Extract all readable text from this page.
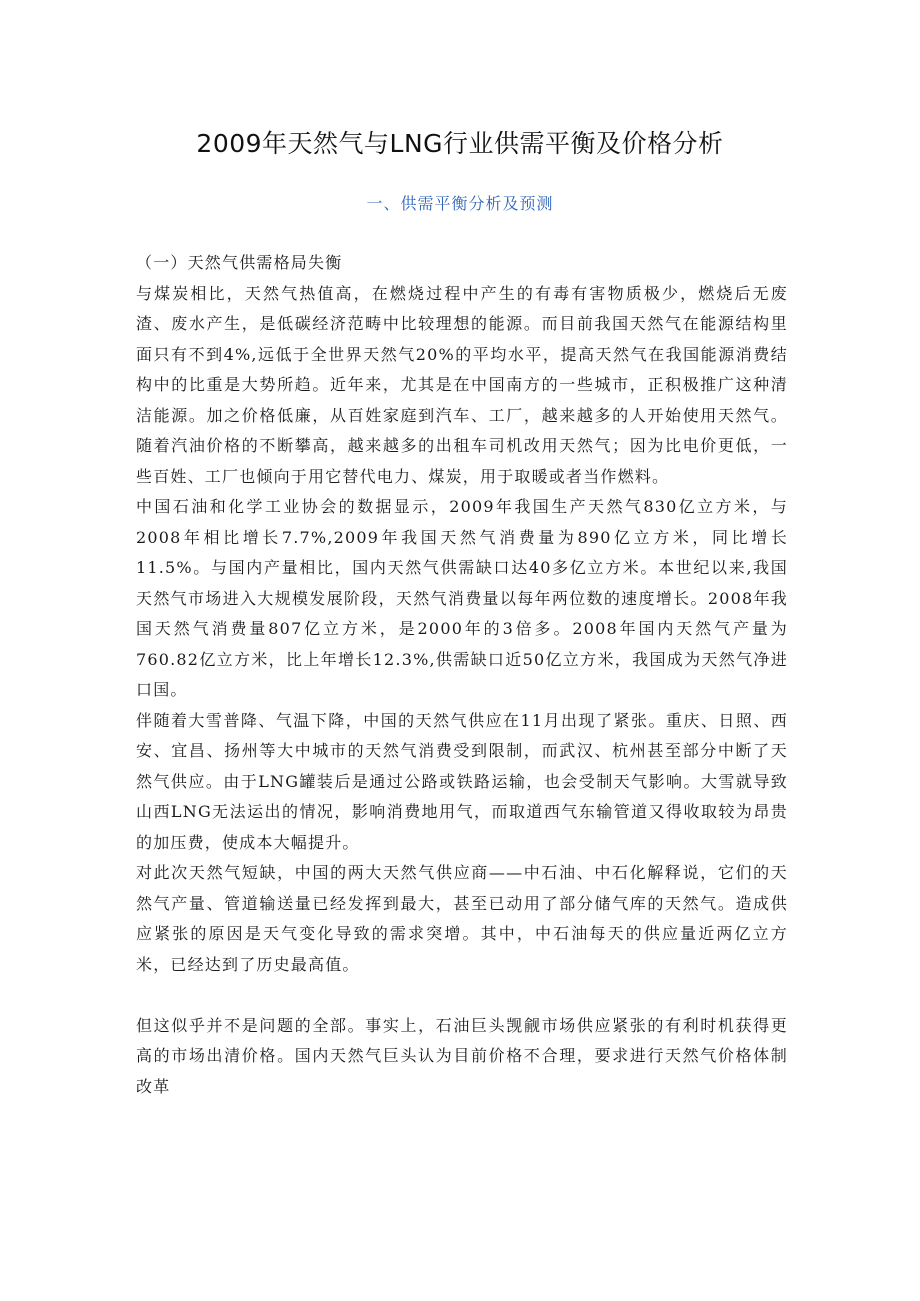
2009年天然气与LNG行业供需平衡及价格分析
一、供需平衡分析及预测
（一）天然气供需格局失衡

与煤炭相比，天然气热值高，在燃烧过程中产生的有毒有害物质极少，燃烧后无废渣、废水产生，是低碳经济范畴中比较理想的能源。而目前我国天然气在能源结构里面只有不到4%,远低于全世界天然气20%的平均水平，提高天然气在我国能源消费结构中的比重是大势所趋。近年来，尤其是在中国南方的一些城市，正积极推广这种清洁能源。加之价格低廉，从百姓家庭到汽车、工厂，越来越多的人开始使用天然气。随着汽油价格的不断攀高，越来越多的出租车司机改用天然气；因为比电价更低，一些百姓、工厂也倾向于用它替代电力、煤炭，用于取暖或者当作燃料。

中国石油和化学工业协会的数据显示，2009年我国生产天然气830亿立方米，与2008年相比增长7.7%,2009年我国天然气消费量为890亿立方米，同比增长11.5%。与国内产量相比，国内天然气供需缺口达40多亿立方米。本世纪以来,我国天然气市场进入大规模发展阶段，天然气消费量以每年两位数的速度增长。2008年我国天然气消费量807亿立方米，是2000年的3倍多。2008年国内天然气产量为760.82亿立方米，比上年增长12.3%,供需缺口近50亿立方米，我国成为天然气净进口国。

伴随着大雪普降、气温下降，中国的天然气供应在11月出现了紧张。重庆、日照、西安、宜昌、扬州等大中城市的天然气消费受到限制，而武汉、杭州甚至部分中断了天然气供应。由于LNG罐装后是通过公路或铁路运输，也会受制天气影响。大雪就导致山西LNG无法运出的情况，影响消费地用气，而取道西气东输管道又得收取较为昂贵的加压费，使成本大幅提升。

对此次天然气短缺，中国的两大天然气供应商——中石油、中石化解释说，它们的天然气产量、管道输送量已经发挥到最大，甚至已动用了部分储气库的天然气。造成供应紧张的原因是天气变化导致的需求突增。其中，中石油每天的供应量近两亿立方米，已经达到了历史最高值。

但这似乎并不是问题的全部。事实上，石油巨头觊觎市场供应紧张的有利时机获得更高的市场出清价格。国内天然气巨头认为目前价格不合理，要求进行天然气价格体制改革
